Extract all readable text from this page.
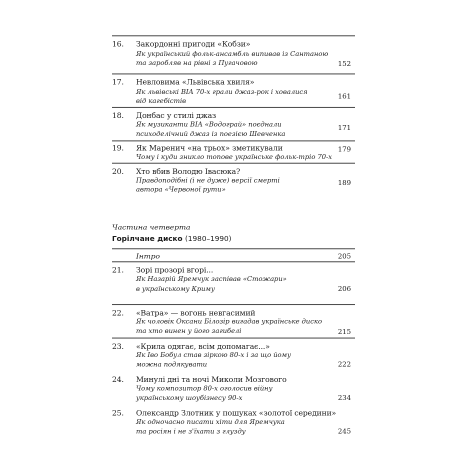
16.	Закордонні пригоди «Кобзи»
Як український фольк-ансамбль випивав із Сантаною
та заробляв на рівні з Пугачовою	152
17.	Невловима «Львівська хвиля»
Як львівські ВІА 70-х грали джаз-рок і ховалися
від кагебістів
161
18.	Донбас у стилі джаз
Як музиканти ВІА «Водограй» поєднали
психоделічний джаз із поезією Шевченка
171
19.	Як Маренич «на трьох» зметикували
Чому і куди зникло топове українське фольк-тріо 70-х
179
20.	Хто вбив Володю Івасюка?
Правдоподібні (і не дуже) версії смерті
автора «Червоної рути»
189
Частина четверта
Горілчане диско (1980–1990)
Інтро	205
21.	Зорі прозорі вгорі...
Як Назарій Яремчук заспівав «Стожари»
в українському Криму	206
22.	«Ватра» — вогонь невгасимий
Як чоловік Оксани Білозір вигадав українське диско
та хто винен у його загибелі	215
23.	«Крила одягає, всім допомагає...»
Як Іво Бобул став зіркою 80-х і за що йому
можна подякувати	222
24.	Минулі дні та ночі Миколи Мозгового
Чому композитор 80-х оголосив війну
українському шоубізнесу 90-х	234
25.	Олександр Злотник у пошуках «золотої середини»
Як одночасно писати хіти для Яремчука
та росіян і не з'їхати з глузду	245
